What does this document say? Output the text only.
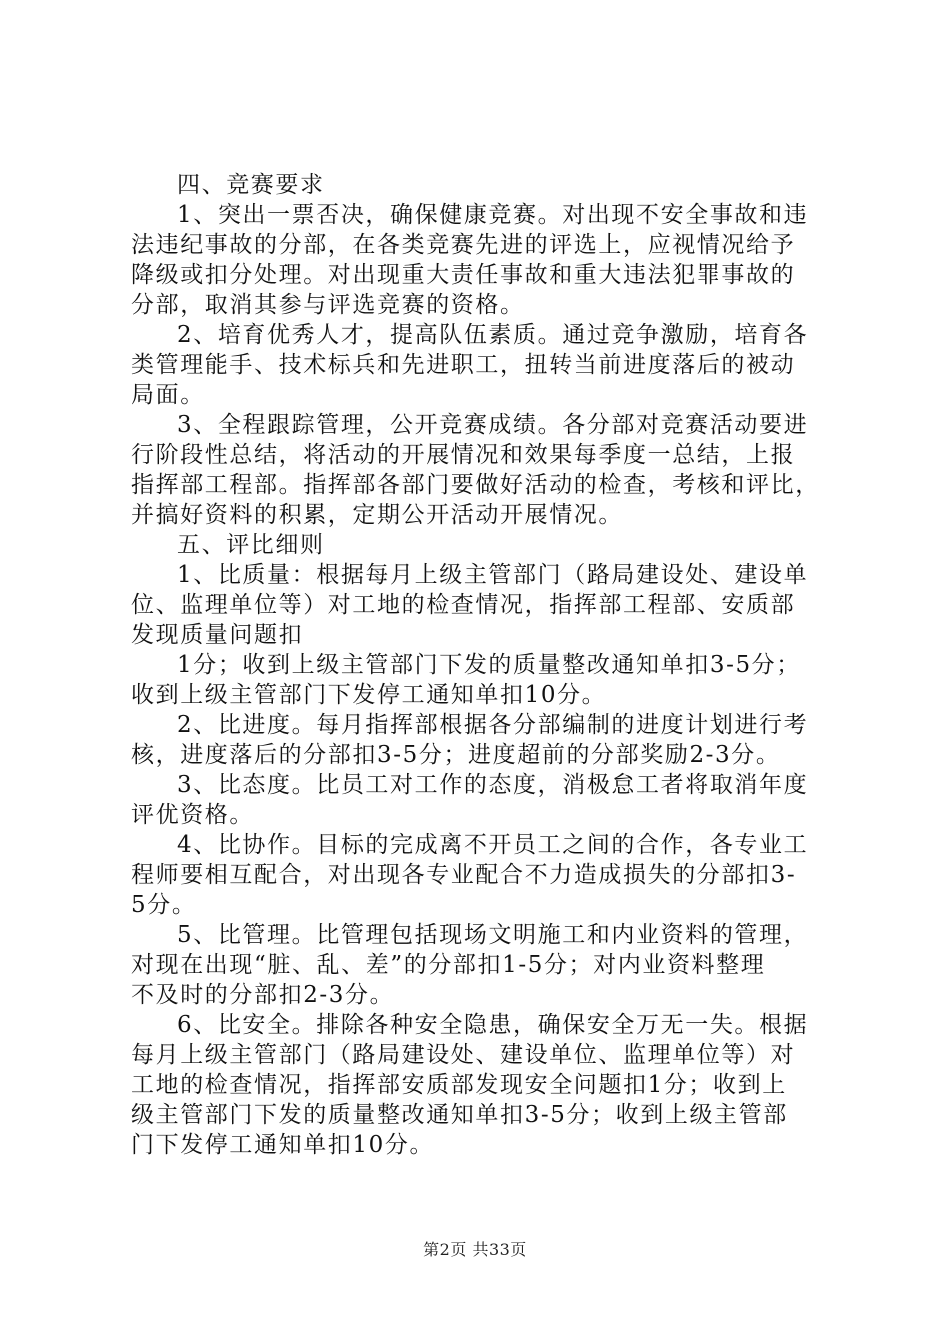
四、竞赛要求
1、突出一票否决，确保健康竞赛。对出现不安全事故和违
法违纪事故的分部，在各类竞赛先进的评选上，应视情况给予
降级或扣分处理。对出现重大责任事故和重大违法犯罪事故的
分部，取消其参与评选竞赛的资格。
2、培育优秀人才，提高队伍素质。通过竞争激励，培育各
类管理能手、技术标兵和先进职工，扭转当前进度落后的被动
局面。
3、全程跟踪管理，公开竞赛成绩。各分部对竞赛活动要进
行阶段性总结，将活动的开展情况和效果每季度一总结，上报
指挥部工程部。指挥部各部门要做好活动的检查，考核和评比，
并搞好资料的积累，定期公开活动开展情况。
五、评比细则
1、比质量：根据每月上级主管部门（路局建设处、建设单
位、监理单位等）对工地的检查情况，指挥部工程部、安质部
发现质量问题扣
1分；收到上级主管部门下发的质量整改通知单扣3-5分；
收到上级主管部门下发停工通知单扣10分。
2、比进度。每月指挥部根据各分部编制的进度计划进行考
核，进度落后的分部扣3-5分；进度超前的分部奖励2-3分。
3、比态度。比员工对工作的态度，消极怠工者将取消年度
评优资格。
4、比协作。目标的完成离不开员工之间的合作，各专业工
程师要相互配合，对出现各专业配合不力造成损失的分部扣3-
5分。
5、比管理。比管理包括现场文明施工和内业资料的管理，
对现在出现“脏、乱、差”的分部扣1-5分；对内业资料整理
不及时的分部扣2-3分。
6、比安全。排除各种安全隐患，确保安全万无一失。根据
每月上级主管部门（路局建设处、建设单位、监理单位等）对
工地的检查情况，指挥部安质部发现安全问题扣1分；收到上
级主管部门下发的质量整改通知单扣3-5分；收到上级主管部
门下发停工通知单扣10分。
第2页 共33页
